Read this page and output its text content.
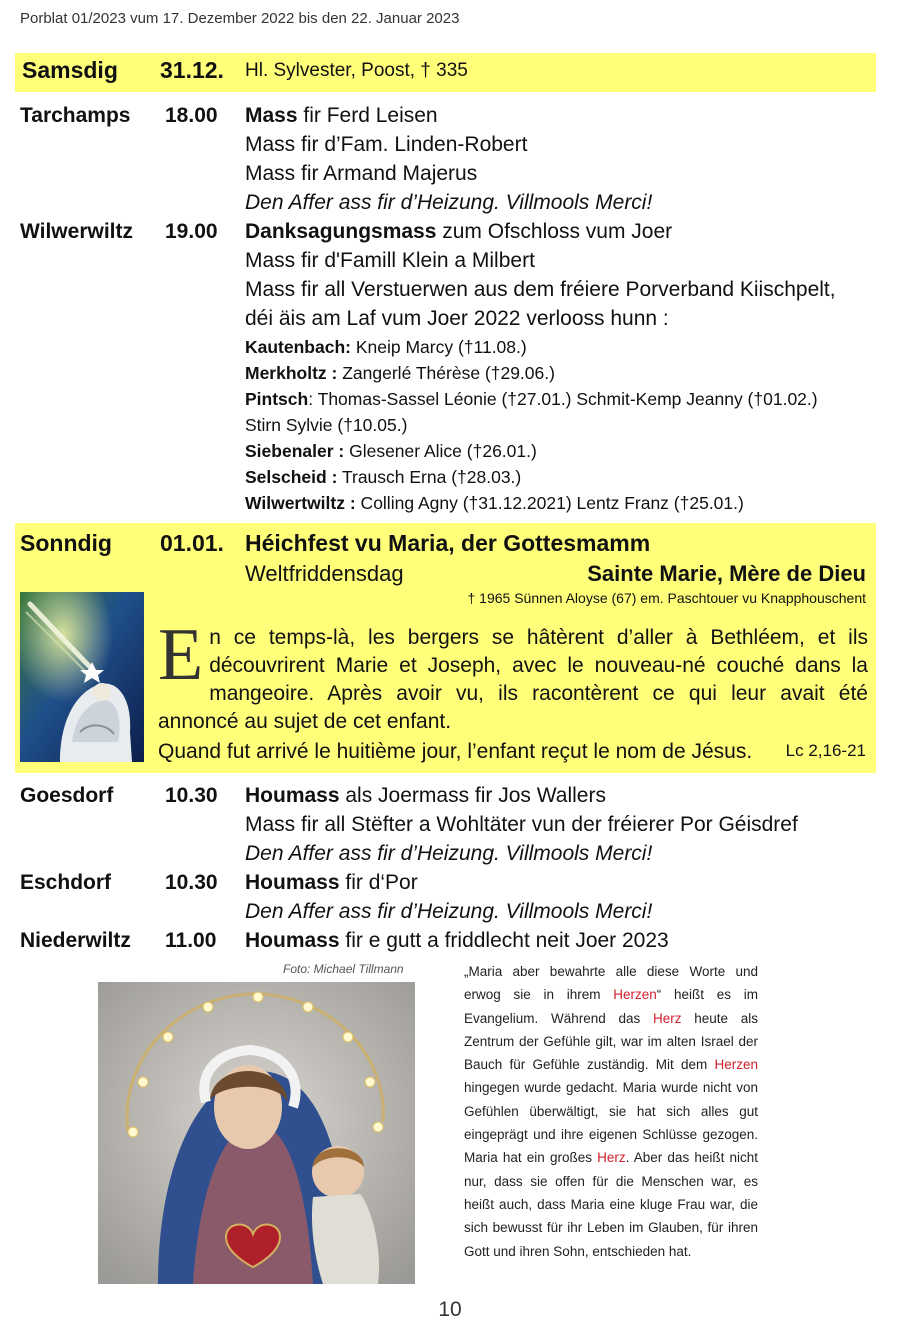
Porblat 01/2023 vum 17. Dezember 2022 bis den 22. Januar 2023
Samsdig 31.12. Hl. Sylvester, Poost, † 335
Tarchamps 18.00 Mass fir Ferd Leisen
Mass fir d’Fam. Linden-Robert
Mass fir Armand Majerus
Den Affer ass fir d’Heizung. Villmools Merci!
Wilwerwiltz 19.00 Danksagungsmass zum Ofschloss vum Joer
Mass fir d'Famill Klein a Milbert
Mass fir all Verstuerwen aus dem fréiere Porverband Kiischpelt,
déi äis am Laf vum Joer 2022 verlooss hunn :
Kautenbach: Kneip Marcy (†11.08.)
Merkholtz : Zangerlé Thérèse (†29.06.)
Pintsch: Thomas-Sassel Léonie (†27.01.) Schmit-Kemp Jeanny (†01.02.)
Stirn Sylvie (†10.05.)
Siebenaler : Glesener Alice (†26.01.)
Selscheid : Trausch Erna (†28.03.)
Wilwertwiltz : Colling Agny (†31.12.2021) Lentz Franz (†25.01.)
Sonndig 01.01. Héichfest vu Maria, der Gottesmamm
Weltfriddensdag	Sainte Marie, Mère de Dieu
† 1965 Sünnen Aloyse (67) em. Paschtouer vu Knapphouschent
En ce temps-là, les bergers se hâtèrent d’aller à Bethléem, et ils découvrirent Marie et Joseph, avec le nouveau-né couché dans la mangeoire. Après avoir vu, ils racontèrent ce qui leur avait été annoncé au sujet de cet enfant.
Quand fut arrivé le huitième jour, l’enfant reçut le nom de Jésus. Lc 2,16-21
Goesdorf 10.30 Houmass als Joermass fir Jos Wallers
Mass fir all Stëfter a Wohltäter vun der fréierer Por Géisdref
Den Affer ass fir d’Heizung. Villmools Merci!
Eschdorf	10.30 Houmass fir d‘Por
Den Affer ass fir d’Heizung. Villmools Merci!
Niederwiltz 11.00 Houmass fir e gutt a friddlecht neit Joer 2023
Foto: Michael Tillmann	„Maria aber bewahrte alle diese Worte und erwog sie in ihrem Herzen“ heißt es im Evangelium. Während das Herz heute als Zentrum der Gefühle gilt, war im alten Israel der Bauch für Gefühle zuständig. Mit dem Herzen hingegen wurde gedacht. Maria wurde nicht von Gefühlen überwältigt, sie hat sich alles gut eingeprägt und ihre eigenen Schlüsse gezogen. Maria hat ein großes Herz. Aber das heißt nicht nur, dass sie offen für die Menschen war, es heißt auch, dass Maria eine kluge Frau war, die sich bewusst für ihr Leben im Glauben, für ihren Gott und ihren Sohn, entschieden hat.
10
